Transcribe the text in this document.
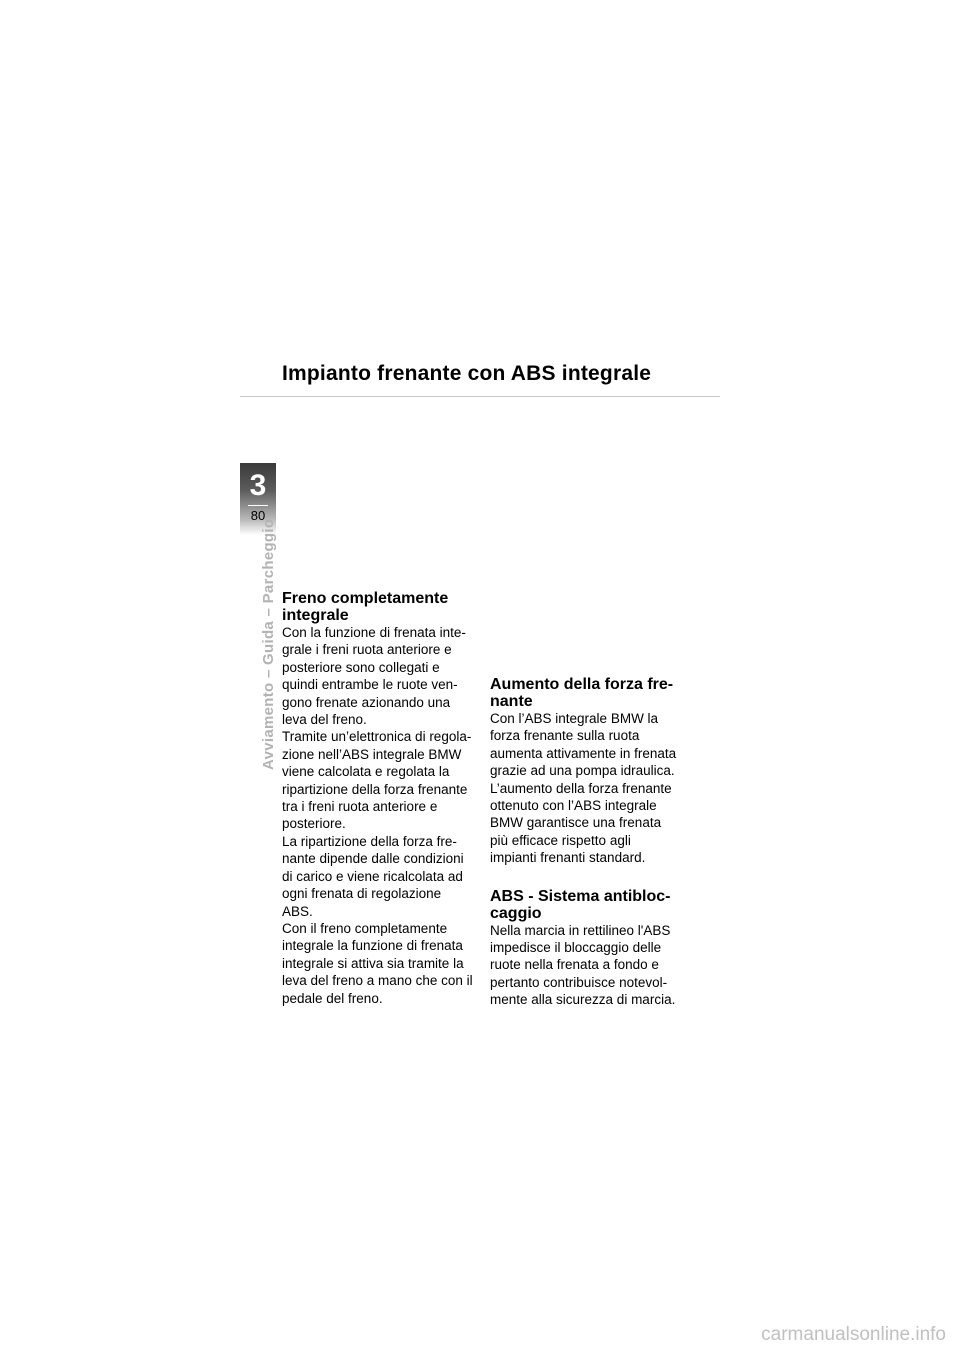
Impianto frenante con ABS integrale
3
80
Avviamento – Guida – Parcheggio Freno completamente
integrale
Con la funzione di frenata inte-
grale i freni ruota anteriore e
posteriore sono collegati e
quindi entrambe le ruote ven-
gono frenate azionando una
leva del freno.
Tramite un’elettronica di regola-
zione nell’ABS integrale BMW
viene calcolata e regolata la
ripartizione della forza frenante
tra i freni ruota anteriore e
posteriore.
La ripartizione della forza fre-
nante dipende dalle condizioni
di carico e viene ricalcolata ad
ogni frenata di regolazione
ABS.
Con il freno completamente
integrale la funzione di frenata
integrale si attiva sia tramite la
leva del freno a mano che con il
pedale del freno.
Aumento della forza fre-
nante
Con l’ABS integrale BMW la
forza frenante sulla ruota
aumenta attivamente in frenata
grazie ad una pompa idraulica.
L’aumento della forza frenante
ottenuto con l’ABS integrale
BMW garantisce una frenata
più efficace rispetto agli
impianti frenanti standard.
ABS - Sistema antibloc-
caggio
Nella marcia in rettilineo l'ABS
impedisce il bloccaggio delle
ruote nella frenata a fondo e
pertanto contribuisce notevol-
mente alla sicurezza di marcia.
carmanualsonline.info
